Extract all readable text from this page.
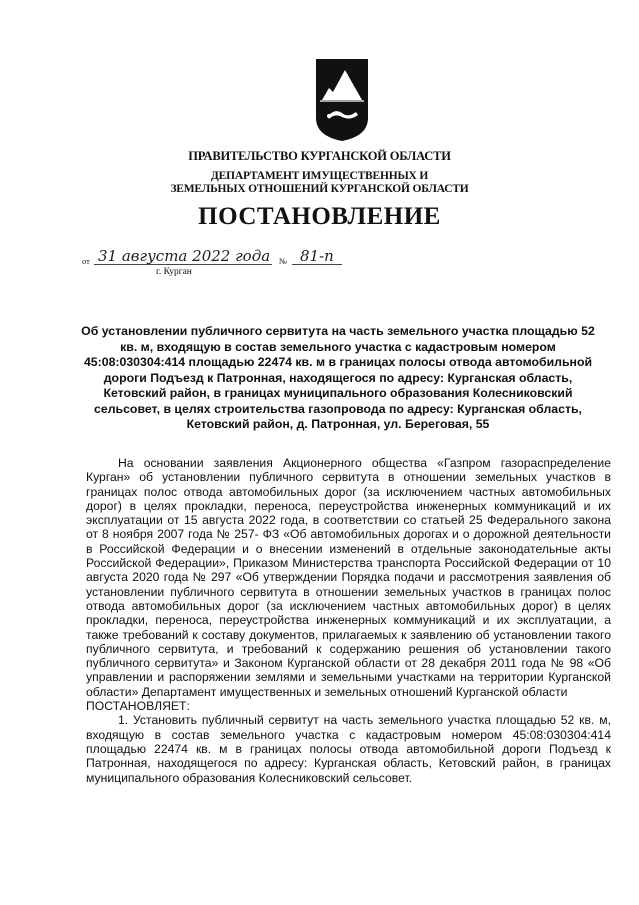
ПРАВИТЕЛЬСТВО КУРГАНСКОЙ ОБЛАСТИ
ДЕПАРТАМЕНТ ИМУЩЕСТВЕННЫХ И
ЗЕМЕЛЬНЫХ ОТНОШЕНИЙ КУРГАНСКОЙ ОБЛАСТИ
ПОСТАНОВЛЕНИЕ
от 31 августа 2022 года № 81-п
г. Курган

Об установлении публичного сервитута на часть земельного участка площадью 52 кв. м, входящую в состав земельного участка с кадастровым номером 45:08:030304:414 площадью 22474 кв. м в границах полосы отвода автомобильной дороги Подъезд к Патронная, находящегося по адресу: Курганская область, Кетовский район, в границах муниципального образования Колесниковский сельсовет, в целях строительства газопровода по адресу: Курганская область, Кетовский район, д. Патронная, ул. Береговая, 55

На основании заявления Акционерного общества «Газпром газораспределение Курган» об установлении публичного сервитута в отношении земельных участков в границах полос отвода автомобильных дорог (за исключением частных автомобильных дорог) в целях прокладки, переноса, переустройства инженерных коммуникаций и их эксплуатации от 15 августа 2022 года, в соответствии со статьей 25 Федерального закона от 8 ноября 2007 года № 257- ФЗ «Об автомобильных дорогах и о дорожной деятельности в Российской Федерации и о внесении изменений в отдельные законодательные акты Российской Федерации», Приказом Министерства транспорта Российской Федерации от 10 августа 2020 года № 297 «Об утверждении Порядка подачи и рассмотрения заявления об установлении публичного сервитута в отношении земельных участков в границах полос отвода автомобильных дорог (за исключением частных автомобильных дорог) в целях прокладки, переноса, переустройства инженерных коммуникаций и их эксплуатации, а также требований к составу документов, прилагаемых к заявлению об установлении такого публичного сервитута, и требований к содержанию решения об установлении такого публичного сервитута» и Законом Курганской области от 28 декабря 2011 года № 98 «Об управлении и распоряжении землями и земельными участками на территории Курганской области» Департамент имущественных и земельных отношений Курганской области

ПОСТАНОВЛЯЕТ:

1. Установить публичный сервитут на часть земельного участка площадью 52 кв. м, входящую в состав земельного участка с кадастровым номером 45:08:030304:414 площадью 22474 кв. м в границах полосы отвода автомобильной дороги Подъезд к Патронная, находящегося по адресу: Курганская область, Кетовский район, в границах муниципального образования Колесниковский сельсовет.
